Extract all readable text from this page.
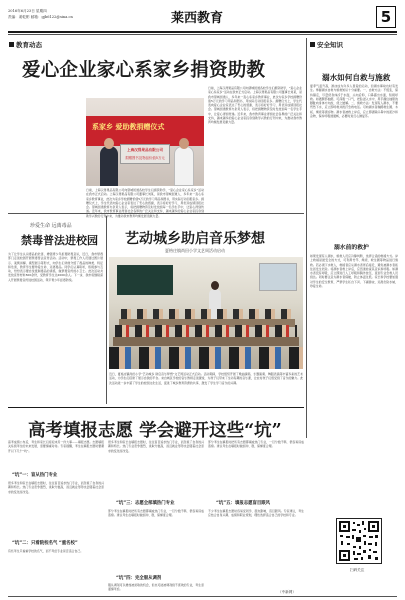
2016年6月23日 星期四
责编：姜乾彬 邮箱：gjb6122@sina.cn	莱西教育	5
教育动态	安全知识
爱心企业家心系家乡捐资助教
日前，上海汉得果品有限公司向望城街道各校学生们捐资助学，“爱心企业家心系家乡”活动在我市正式启动。上海汉得果品有限公司董事长刘某，是我市望城街道人，多年来一直心系家乡教育事业，此次为家乡学校捐赠价值5万元的学习用品和图书，用实际行动回报家乡。捐赠仪式上，学生代表向爱心企业家表达了衷心的感谢，表示将好好学习，用优异成绩回报社会。望城街道教育办负责人表示，将把捐赠物资及时发放到每一名学生手中，让爱心得到传递。近年来，我市教育事业得到社会各界的广泛关注和支持，越来越多的爱心企业家投身到助学兴教的行列中来，为推动我市教育均衡发展贡献力量。
系家乡 爱助教捐赠仪式
上海汉得果品有限公司
捐赠图书及物品价值5万元
日前，上海汉得果品有限公司向望城街道各校学生们捐资助学，“爱心企业家心系家乡”活动在我市正式启动。上海汉得果品有限公司董事长刘某，是我市望城街道人，多年来一直心系家乡教育事业，此次为家乡学校捐赠价值5万元的学习用品和图书，用实际行动回报家乡。捐赠仪式上，学生代表向爱心企业家表达了衷心的感谢，表示将好好学习，用优异成绩回报社会。望城街道教育办负责人表示，将把捐赠物资及时发放到每一名学生手中，让爱心得到传递。近年来，我市教育事业得到社会各界的广泛关注和支持，越来越多的爱心企业家投身到助学兴教的行列中来，为推动我市教育均衡发展贡献力量。
珍爱生命 远离毒品
禁毒普法进校园
为了让学生认识毒品的危害，增强青少年拒毒防毒意识，近日，我市禁毒部门走进校园开展禁毒普法宣传活动。活动中，禁毒工作人员通过图片展示、案例讲解、模型展示等形式，向学生们详细介绍了毒品的种类、特征和危害，教育学生要珍爱生命、远离毒品。同学们认真聆听，积极参与互动，纷纷表示要自觉抵制毒品的诱惑，做禁毒宣传的小卫士。此次活动共发放宣传材料500余份，受教育学生达2000余人。下一步，我市将继续深入开展禁毒宣传进校园活动，筑牢青少年拒毒防线。
艺动城乡助启音乐梦想
夏格庄镇尚田小学文艺周活动启动
近日，夏格庄镇尚田小学“艺动城乡 助启音乐梦想”文艺周活动正式启动。活动期间，学校组织开展了歌曲演唱、乐器演奏、舞蹈表演等丰富多彩的艺术活动，为学生们搭建了展示自我的平台。来自城区学校的音乐教师走进课堂，为孩子们带来了生动有趣的音乐课，让农村孩子们感受到了音乐的魅力。此次活动进一步丰富了学生的校园文化生活，促进了城乡教育资源的共享，激发了学生学习音乐的兴趣。
溺水如何自救与施救
夏季气温升高，游泳成为许多人喜爱的运动，但溺水事故也时有发生。掌握溺水自救与施救知识十分重要。一、自救方法：不慌张，保持镇定，尽量使身体浮于水面，头向后仰，口鼻露出水面，积极呼救。如遇腿部抽筋，可深吸一口气，把脸浸入水中，用手握住抽筋的脚趾向身体方向拉，使之缓解。二、施救方法：发现有人溺水，不要贸然下水，应立即呼救并拨打急救电话。可向溺水者抛掷救生圈、木板、绳索等漂浮物。溺水者被救上岸后，应立即清除口鼻中的泥沙和杂物，保持呼吸道通畅，必要时进行心肺复苏。
溺水前的救护
如果发现有人溺水，施救人员应冷静判断，选择合适的救援方式。岸上救援是最安全的方式，可利用竹竿、绳索、救生圈等物品进行施救。若必须下水救人，救援者应从溺水者背后接近，避免被溺水者抓住而发生危险。将溺水者救上岸后，应迅速检查其意识和呼吸。如溺水者没有呼吸，应立即进行人工呼吸和胸外按压，直到专业急救人员到达。同时要注意为溺水者保暖，防止体温过低。家长和学校要加强对学生的安全教育，严禁学生私自下河、下湖游泳，远离危险水域，珍爱生命。
高考填报志愿 学会避开这些“坑”
高考成绩公布后，考生和家长们将迎来另一件大事——填报志愿。志愿填报关系到考生的未来发展，需要慎重对待。专家提醒，考生在填报志愿时要避开以下几个“坑”。
“坑”一：盲从热门专业
很多考生和家长在填报志愿时，往往盲目追求热门专业，而忽视了自身的兴趣和特长。热门专业竞争激烈，录取分数高，而且就业形势也会随着社会需求的变化而改变。
“坑”二：只看院校名气 “重名校”
有些考生只看重学校的名气，而不考虑专业是否适合自己。
很多考生和家长在填报志愿时，往往盲目追求热门专业，而忽视了自身的兴趣和特长。热门专业竞争激烈，录取分数高，而且就业形势也会随着社会需求的变化而改变。
“坑”三：志愿全部填热门专业
部分考生在填报时把所有志愿都填成热门专业，一旦分数不够，很容易造成落榜。建议考生在填报时做到冲、稳、保梯度合理。
“坑”四：完全服从调剂
服从调剂可以增加被录取的机会，但也可能被调剂到不喜欢的专业，考生需谨慎考虑。
部分考生在填报时把所有志愿都填成热门专业，一旦分数不够，很容易造成落榜。建议考生在填报时做到冲、稳、保梯度合理。
“坑”五：填报志愿盲目跟风
不少考生在填报志愿时容易受同学、朋友影响，盲目跟风。专家建议，考生应结合自身兴趣、成绩和职业规划，理性选择适合自己的学校和专业。
（中新网）
扫码关注
